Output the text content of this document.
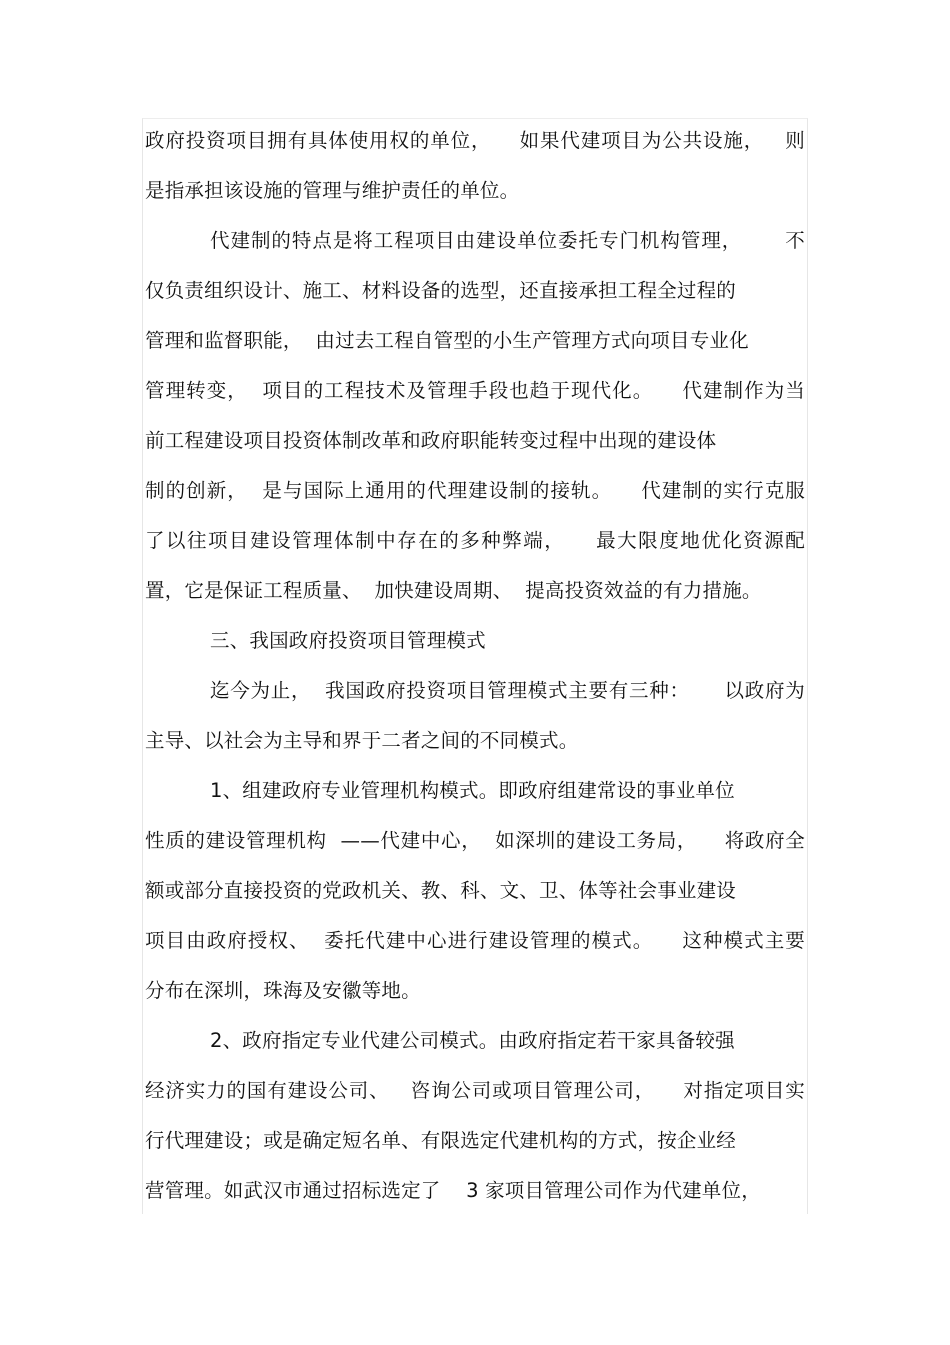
政府投资项目拥有具体使用权的单位，    如果代建项目为公共设施，   则
是指承担该设施的管理与维护责任的单位。
代建制的特点是将工程项目由建设单位委托专门机构管理，      不
仅负责组织设计、施工、材料设备的选型，还直接承担工程全过程的
管理和监督职能，  由过去工程自管型的小生产管理方式向项目专业化
管理转变，  项目的工程技术及管理手段也趋于现代化。    代建制作为当
前工程建设项目投资体制改革和政府职能转变过程中出现的建设体
制的创新，  是与国际上通用的代理建设制的接轨。    代建制的实行克服
了以往项目建设管理体制中存在的多种弊端，    最大限度地优化资源配
置，它是保证工程质量、  加快建设周期、  提高投资效益的有力措施。
三、我国政府投资项目管理模式
迄今为止，  我国政府投资项目管理模式主要有三种：     以政府为
主导、以社会为主导和界于二者之间的不同模式。
1、组建政府专业管理机构模式。即政府组建常设的事业单位
性质的建设管理机构  ——代建中心，  如深圳的建设工务局，    将政府全
额或部分直接投资的党政机关、教、科、文、卫、体等社会事业建设
项目由政府授权、  委托代建中心进行建设管理的模式。    这种模式主要
分布在深圳，珠海及安徽等地。
2、政府指定专业代建公司模式。由政府指定若干家具备较强
经济实力的国有建设公司、   咨询公司或项目管理公司，    对指定项目实
行代理建设；或是确定短名单、有限选定代建机构的方式，按企业经
营管理。如武汉市通过招标选定了    3 家项目管理公司作为代建单位，
